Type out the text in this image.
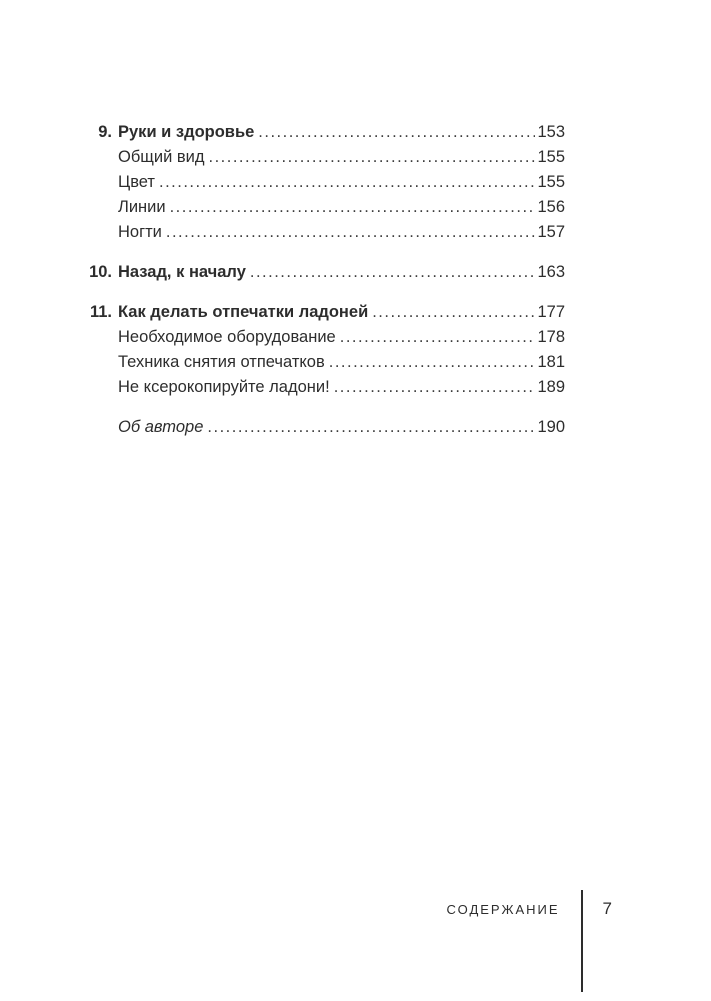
9. Руки и здоровье .....	153
Общий вид .....	155
Цвет .....	155
Линии .....	156
Ногти .....	157
10. Назад, к началу .....	163
11. Как делать отпечатки ладоней .....	177
Необходимое оборудование .....	178
Техника снятия отпечатков .....	181
Не ксерокопируйте ладони! .....	189
Об авторе .....	190
СОДЕРЖАНИЕ	7
